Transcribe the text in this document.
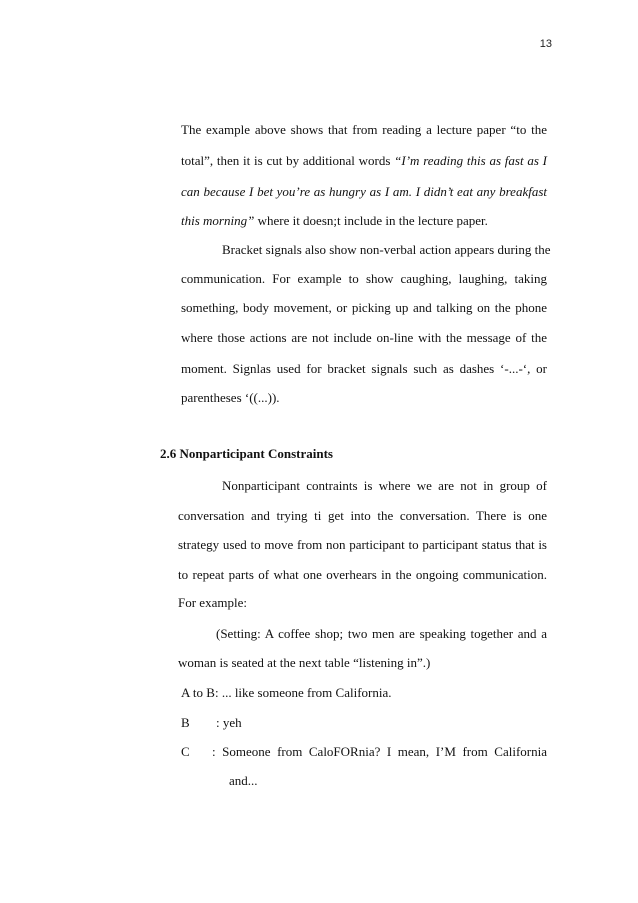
13
The example above shows that from reading a lecture paper “to the
total”, then it is cut by additional words “I’m reading this as fast as I
can because I bet you’re as hungry as I am. I didn’t eat any breakfast
this morning” where it doesn;t include in the lecture paper.
Bracket signals also show non-verbal action appears during the
communication. For example to show caughing, laughing, taking
something, body movement, or picking up and talking on the phone
where those actions are not include on-line with the message of the
moment. Signlas used for bracket signals such as dashes ‘-...-‘, or
parentheses ‘((...)).
2.6 Nonparticipant Constraints
Nonparticipant contraints is where we are not in group of
conversation and trying ti get into the conversation. There is one
strategy used to move from non participant to participant status that is
to repeat parts of what one overhears in the ongoing communication.
For example:
(Setting: A coffee shop; two men are speaking together and a
woman is seated at the next table “listening in”.)
A to B: ... like someone from California.
B : yeh
C : Someone from CaloFORnia? I mean, I’M from California
and...
